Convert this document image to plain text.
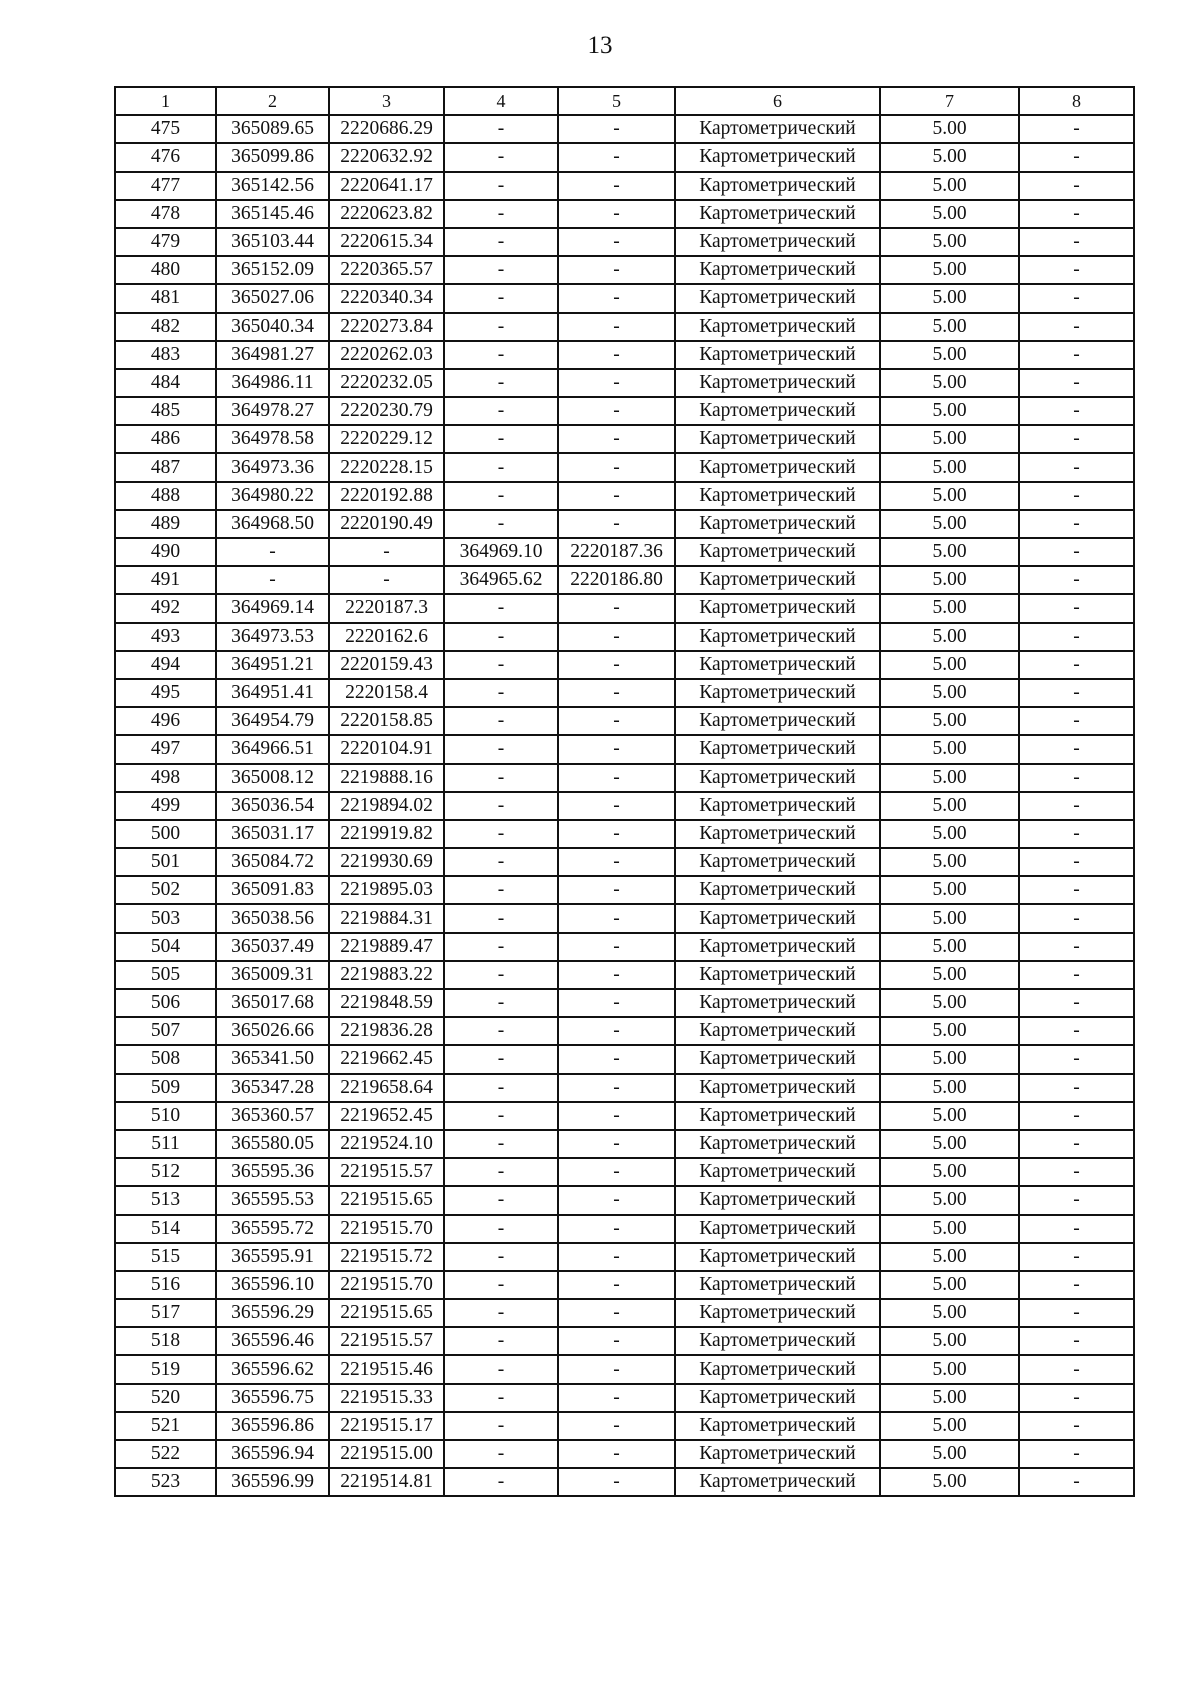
13
1	2	3	4	5	6	7	8
475	365089.65	2220686.29	-	-	Картометрический	5.00	-
476	365099.86	2220632.92	-	-	Картометрический	5.00	-
477	365142.56	2220641.17	-	-	Картометрический	5.00	-
478	365145.46	2220623.82	-	-	Картометрический	5.00	-
479	365103.44	2220615.34	-	-	Картометрический	5.00	-
480	365152.09	2220365.57	-	-	Картометрический	5.00	-
481	365027.06	2220340.34	-	-	Картометрический	5.00	-
482	365040.34	2220273.84	-	-	Картометрический	5.00	-
483	364981.27	2220262.03	-	-	Картометрический	5.00	-
484	364986.11	2220232.05	-	-	Картометрический	5.00	-
485	364978.27	2220230.79	-	-	Картометрический	5.00	-
486	364978.58	2220229.12	-	-	Картометрический	5.00	-
487	364973.36	2220228.15	-	-	Картометрический	5.00	-
488	364980.22	2220192.88	-	-	Картометрический	5.00	-
489	364968.50	2220190.49	-	-	Картометрический	5.00	-
490	-	-	364969.10	2220187.36	Картометрический	5.00	-
491	-	-	364965.62	2220186.80	Картометрический	5.00	-
492	364969.14	2220187.3	-	-	Картометрический	5.00	-
493	364973.53	2220162.6	-	-	Картометрический	5.00	-
494	364951.21	2220159.43	-	-	Картометрический	5.00	-
495	364951.41	2220158.4	-	-	Картометрический	5.00	-
496	364954.79	2220158.85	-	-	Картометрический	5.00	-
497	364966.51	2220104.91	-	-	Картометрический	5.00	-
498	365008.12	2219888.16	-	-	Картометрический	5.00	-
499	365036.54	2219894.02	-	-	Картометрический	5.00	-
500	365031.17	2219919.82	-	-	Картометрический	5.00	-
501	365084.72	2219930.69	-	-	Картометрический	5.00	-
502	365091.83	2219895.03	-	-	Картометрический	5.00	-
503	365038.56	2219884.31	-	-	Картометрический	5.00	-
504	365037.49	2219889.47	-	-	Картометрический	5.00	-
505	365009.31	2219883.22	-	-	Картометрический	5.00	-
506	365017.68	2219848.59	-	-	Картометрический	5.00	-
507	365026.66	2219836.28	-	-	Картометрический	5.00	-
508	365341.50	2219662.45	-	-	Картометрический	5.00	-
509	365347.28	2219658.64	-	-	Картометрический	5.00	-
510	365360.57	2219652.45	-	-	Картометрический	5.00	-
511	365580.05	2219524.10	-	-	Картометрический	5.00	-
512	365595.36	2219515.57	-	-	Картометрический	5.00	-
513	365595.53	2219515.65	-	-	Картометрический	5.00	-
514	365595.72	2219515.70	-	-	Картометрический	5.00	-
515	365595.91	2219515.72	-	-	Картометрический	5.00	-
516	365596.10	2219515.70	-	-	Картометрический	5.00	-
517	365596.29	2219515.65	-	-	Картометрический	5.00	-
518	365596.46	2219515.57	-	-	Картометрический	5.00	-
519	365596.62	2219515.46	-	-	Картометрический	5.00	-
520	365596.75	2219515.33	-	-	Картометрический	5.00	-
521	365596.86	2219515.17	-	-	Картометрический	5.00	-
522	365596.94	2219515.00	-	-	Картометрический	5.00	-
523	365596.99	2219514.81	-	-	Картометрический	5.00	-
